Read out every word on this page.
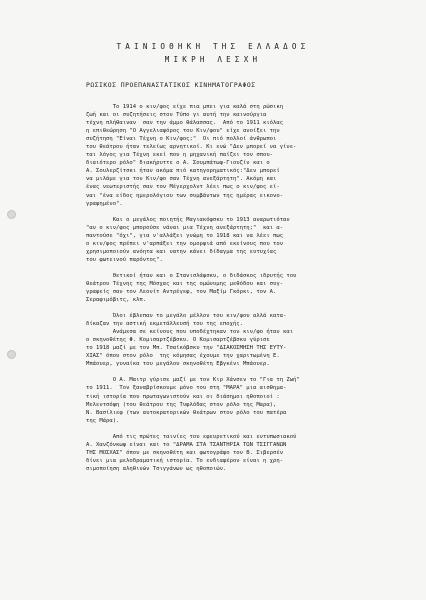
ΤΑΙΝΙΟΘΗΚΗ ΤΗΣ ΕΛΛΑΔΟΣ
ΜΙΚΡΗ ΛΕΣΧΗ
ΡΩΣΙΚΟΣ ΠΡΟΕΠΑΝΑΣΤΑΤΙΚΟΣ ΚΙΝΗΜΑΤΟΓΡΑΦΟΣ
Το 1914 ο κιν/φος είχε πια μπει για καλά στη ρώσικη
ζωή και οι συζητήσεις στον Τύπο γι αυτή την καινούργια
τέχνη πλήθαιναν  σαν την άμμο θάλασσας.  Από το 1911 κιόλας
η επιθεώρηση "Ο Αγγελιαφόρος του Κιν/φου" είχε ανοίξει την
συζήτηση "Είναι Τέχνη ο Κιν/φος;"  Οι πιό πολλοί άνθρωποι
του θεάτρου ήταν τελείως αρνητικοί. Κι ενώ "Δεν μπορεί να γίνε-
ται λόγος για Τέχνη εκεί που η μηχανική παίζει τον σπου-
διαιότερο ρόλο" διακήρυττε ο Α. Σουμπάτωφ-Γιουζίν και ο
Α. Σουλερζίτσκι ήταν ακόμα πιό κατηγορηματικός:"Δεν μπορεί
να μιλάμε για τον Κιν/φο σαν Τέχνη ανεξάρτητη". Ακόμη και
ένας νεωτεριστής σαν τον Μέγερχολντ λέει πως ο κιν/φος εί-
ναι "ένα είδος ημερολόγιου των συμβάντων της ημέρας εικονο-
γραφημένο".
Και ο μεγάλος ποιητής Μαγιακόφσκυ το 1913 αναρωτιόταν
"αν ο κιν/φος μπορούσε νάναι μια Τέχνη ανεξάρτητη;"  και α-
παντούσε "όχι", για ν'αλλάξει γνώμη το 1918 και να λέει πως
ο κιν/φος πρέπει ν'αρπάξει την ομορφιά από εκείνους που τον
χρησιμοποιούν ανόητα και νατην κάνει δίδαγμα της ευτυχίας
του φωτεινού παρόντος".
Θετικοί ήταν και ο Στανισλάφσκυ, ο διδάσκος ιδρυτής του
θεάτρου Τέχνης της Μόσχας και της ομώνυμης μεθόδου και συγ-
γραφείς σαν τον Λεονίτ Αντρέγεφ, τον Μαξίμ Γκόρκι, τον Α.
Σεραφιμόβιτς, κλπ.
Όλοι έβλεπαν το μεγάλο μέλλον του κιν/φου αλλά κατα-
δίκαζαν την αστική εκμετάλλευσή του της εποχής.
Ανάμεσα σε κείνους που υποδέχτηκαν τον κιν/φο ήταν και
ο σκηνοθέτης Φ. Κομισαρτζέβσκυ. Ο Κομισαρτζέβσκυ γύρισε
το 1918 μαζί με τον Μπ. Τσαϊκόβσκυ την "ΔΙΑΚΟΣΜΗΣΗ ΤΗΣ ΕΥΤΥ-
ΧΙΑΣ" όπου στον ρόλο  της κόμησας έχουμε την χαριτωμένη Ε.
Μπάουερ, γυναίκα του μεγάλου σκηνοθέτη Εβγκένι Μπάουερ.
Ο Α. Μαιτρ γύρισε μαζί με τον Κιρ Χάνσεν το "Για τη Ζωή"
το 1911.  Τον ξαναβρίσκουμε μόνο του στη "ΜΑΡΑ" μια αισθημα-
τική ιστορία που πρωταγωνιστούν και οι διάσημοι ηθοποιοί :
Μελεντσόφη (του θεάτρου της Τυφλόδας στον ρόλο της Μαρα),
Ν. Βασίλιεφ (των αυτοκρατορικών θεάτρων στον ρόλο του πατέρα
της Μάρα).
Από τις πρώτες ταινίες του εφευρετικού και εντυπωσιακού
Α. Χανζόνκωφ είναι και το "ΔΡΑΜΑ ΣΤΑ ΤΣΑΝΤΗΡΙΑ ΤΩΝ ΤΣΙΓΓΑΝΩΝ
ΤΗΣ ΜΟΣΧΑΣ" όπου με σκηνοθέτη και φωτογράφο τον Β. Σιβερσέν
δίνει μια μελοδραματική ιστορία. Το ενδιαφέρον είναι η χρη-
σιμοποίηση αληθινών Τσιγγάνων ως ηθοποιών.
